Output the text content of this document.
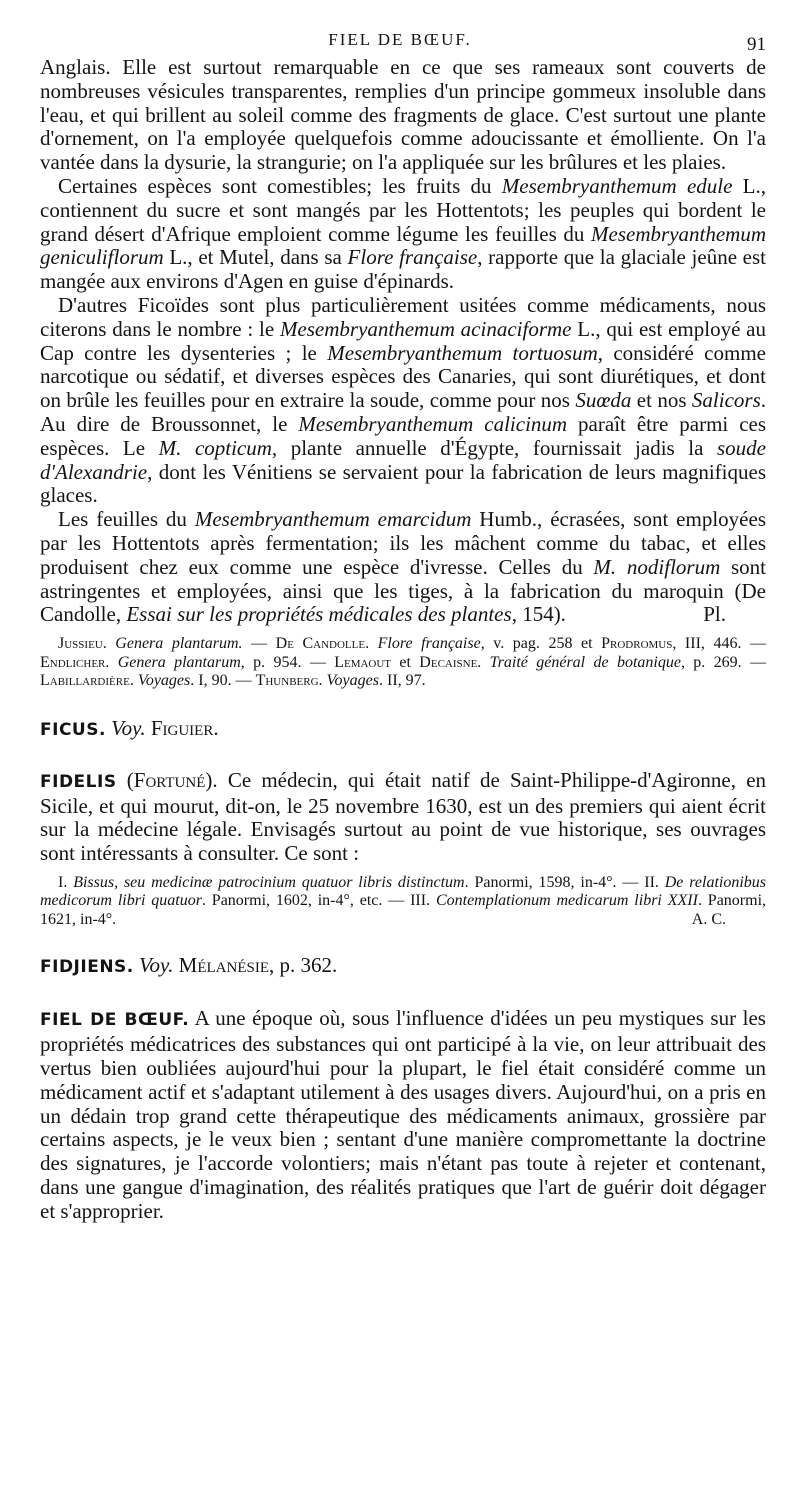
FIEL DE BŒUF.	91

Anglais. Elle est surtout remarquable en ce que ses rameaux sont couverts de nombreuses vésicules transparentes, remplies d'un principe gommeux insoluble dans l'eau, et qui brillent au soleil comme des fragments de glace. C'est surtout une plante d'ornement, on l'a employée quelquefois comme adoucissante et émolliente. On l'a vantée dans la dysurie, la strangurie; on l'a appliquée sur les brûlures et les plaies.

Certaines espèces sont comestibles; les fruits du Mesembryanthemum edule L., contiennent du sucre et sont mangés par les Hottentots; les peuples qui bordent le grand désert d'Afrique emploient comme légume les feuilles du Mesembryanthemum geniculiflorum L., et Mutel, dans sa Flore française, rapporte que la glaciale jeûne est mangée aux environs d'Agen en guise d'épinards.

D'autres Ficoïdes sont plus particulièrement usitées comme médicaments, nous citerons dans le nombre : le Mesembryanthemum acinaciforme L., qui est employé au Cap contre les dysenteries ; le Mesembryanthemum tortuosum, considéré comme narcotique ou sédatif, et diverses espèces des Canaries, qui sont diurétiques, et dont on brûle les feuilles pour en extraire la soude, comme pour nos Suœda et nos Salicors. Au dire de Broussonnet, le Mesembryanthemum calicinum paraît être parmi ces espèces. Le M. copticum, plante annuelle d'Égypte, fournissait jadis la soude d'Alexandrie, dont les Vénitiens se servaient pour la fabrication de leurs magnifiques glaces.

Les feuilles du Mesembryanthemum emarcidum Humb., écrasées, sont employées par les Hottentots après fermentation; ils les mâchent comme du tabac, et elles produisent chez eux comme une espèce d'ivresse. Celles du M. nodiflorum sont astringentes et employées, ainsi que les tiges, à la fabrication du maroquin (De Candolle, Essai sur les propriétés médicales des plantes, 154).	Pl.

Jussieu. Genera plantarum. — De Candolle. Flore française, v. pag. 258 et Prodromus, III, 446. — Endlicher. Genera plantarum, p. 954. — Lemaout et Decaisne. Traité général de botanique, p. 269. — Labillardière. Voyages. I, 90. — Thunberg. Voyages. II, 97.

FICUS. Voy. Figuier.

FIDELIS (Fortuné). Ce médecin, qui était natif de Saint-Philippe-d'Agironne, en Sicile, et qui mourut, dit-on, le 25 novembre 1630, est un des premiers qui aient écrit sur la médecine légale. Envisagés surtout au point de vue historique, ses ouvrages sont intéressants à consulter. Ce sont :

I. Bissus, seu medicinæ patrocinium quatuor libris distinctum. Panormi, 1598, in-4°. — II. De relationibus medicorum libri quatuor. Panormi, 1602, in-4°, etc. — III. Contemplationum medicarum libri XXII. Panormi, 1621, in-4°.	A. C.

FIDJIENS. Voy. Mélanésie, p. 362.

FIEL DE BŒUF. A une époque où, sous l'influence d'idées un peu mystiques sur les propriétés médicatrices des substances qui ont participé à la vie, on leur attribuait des vertus bien oubliées aujourd'hui pour la plupart, le fiel était considéré comme un médicament actif et s'adaptant utilement à des usages divers. Aujourd'hui, on a pris en un dédain trop grand cette thérapeutique des médicaments animaux, grossière par certains aspects, je le veux bien ; sentant d'une manière compromettante la doctrine des signatures, je l'accorde volontiers; mais n'étant pas toute à rejeter et contenant, dans une gangue d'imagination, des réalités pratiques que l'art de guérir doit dégager et s'approprier.
